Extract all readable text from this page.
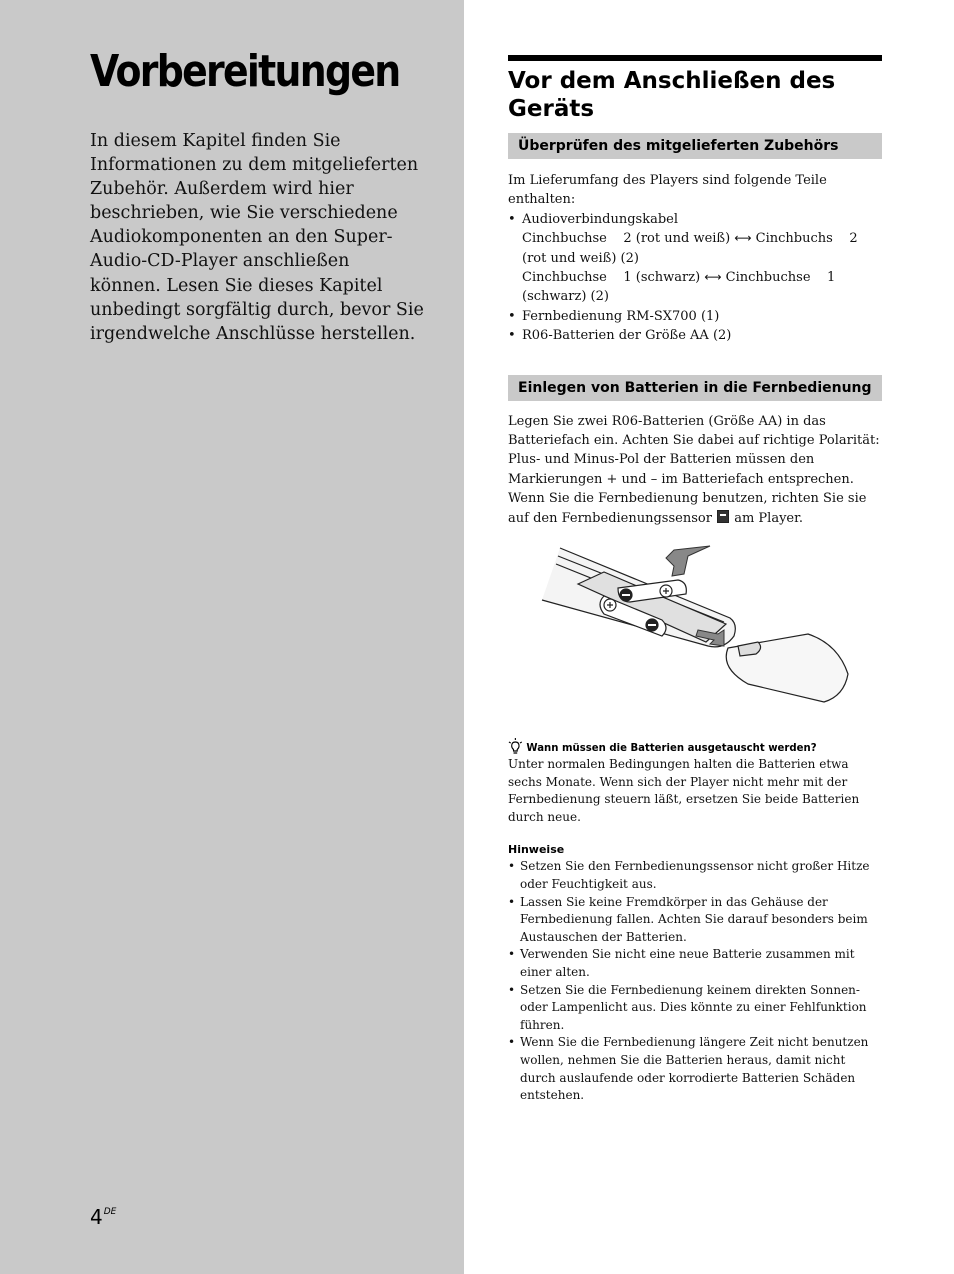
Vorbereitungen

In diesem Kapitel finden Sie Informationen zu dem mitgelieferten Zubehör. Außerdem wird hier beschrieben, wie Sie verschiedene Audiokomponenten an den Super-Audio-CD-Player anschließen können. Lesen Sie dieses Kapitel unbedingt sorgfältig durch, bevor Sie irgendwelche Anschlüsse herstellen.

4DE
Vor dem Anschließen des Geräts
Überprüfen des mitgelieferten Zubehörs

Im Lieferumfang des Players sind folgende Teile enthalten:

• Audioverbindungskabel
Cinchbuchse    2 (rot und weiß) ⟷ Cinchbuchs    2 (rot und weiß) (2)
Cinchbuchse    1 (schwarz) ⟷ Cinchbuchse    1 (schwarz) (2)
• Fernbedienung RM-SX700 (1)
• R06-Batterien der Größe AA (2)
Einlegen von Batterien in die Fernbedienung

Legen Sie zwei R06-Batterien (Größe AA) in das Batteriefach ein. Achten Sie dabei auf richtige Polarität: Plus- und Minus-Pol der Batterien müssen den Markierungen + und – im Batteriefach entsprechen. Wenn Sie die Fernbedienung benutzen, richten Sie sie auf den Fernbedienungssensor am Player.

Wann müssen die Batterien ausgetauscht werden?

Unter normalen Bedingungen halten die Batterien etwa sechs Monate. Wenn sich der Player nicht mehr mit der Fernbedienung steuern läßt, ersetzen Sie beide Batterien durch neue.

Hinweise
• Setzen Sie den Fernbedienungssensor nicht großer Hitze oder Feuchtigkeit aus.
• Lassen Sie keine Fremdkörper in das Gehäuse der Fernbedienung fallen. Achten Sie darauf besonders beim Austauschen der Batterien.
• Verwenden Sie nicht eine neue Batterie zusammen mit einer alten.
• Setzen Sie die Fernbedienung keinem direkten Sonnen- oder Lampenlicht aus. Dies könnte zu einer Fehlfunktion führen.
• Wenn Sie die Fernbedienung längere Zeit nicht benutzen wollen, nehmen Sie die Batterien heraus, damit nicht durch auslaufende oder korrodierte Batterien Schäden entstehen.
